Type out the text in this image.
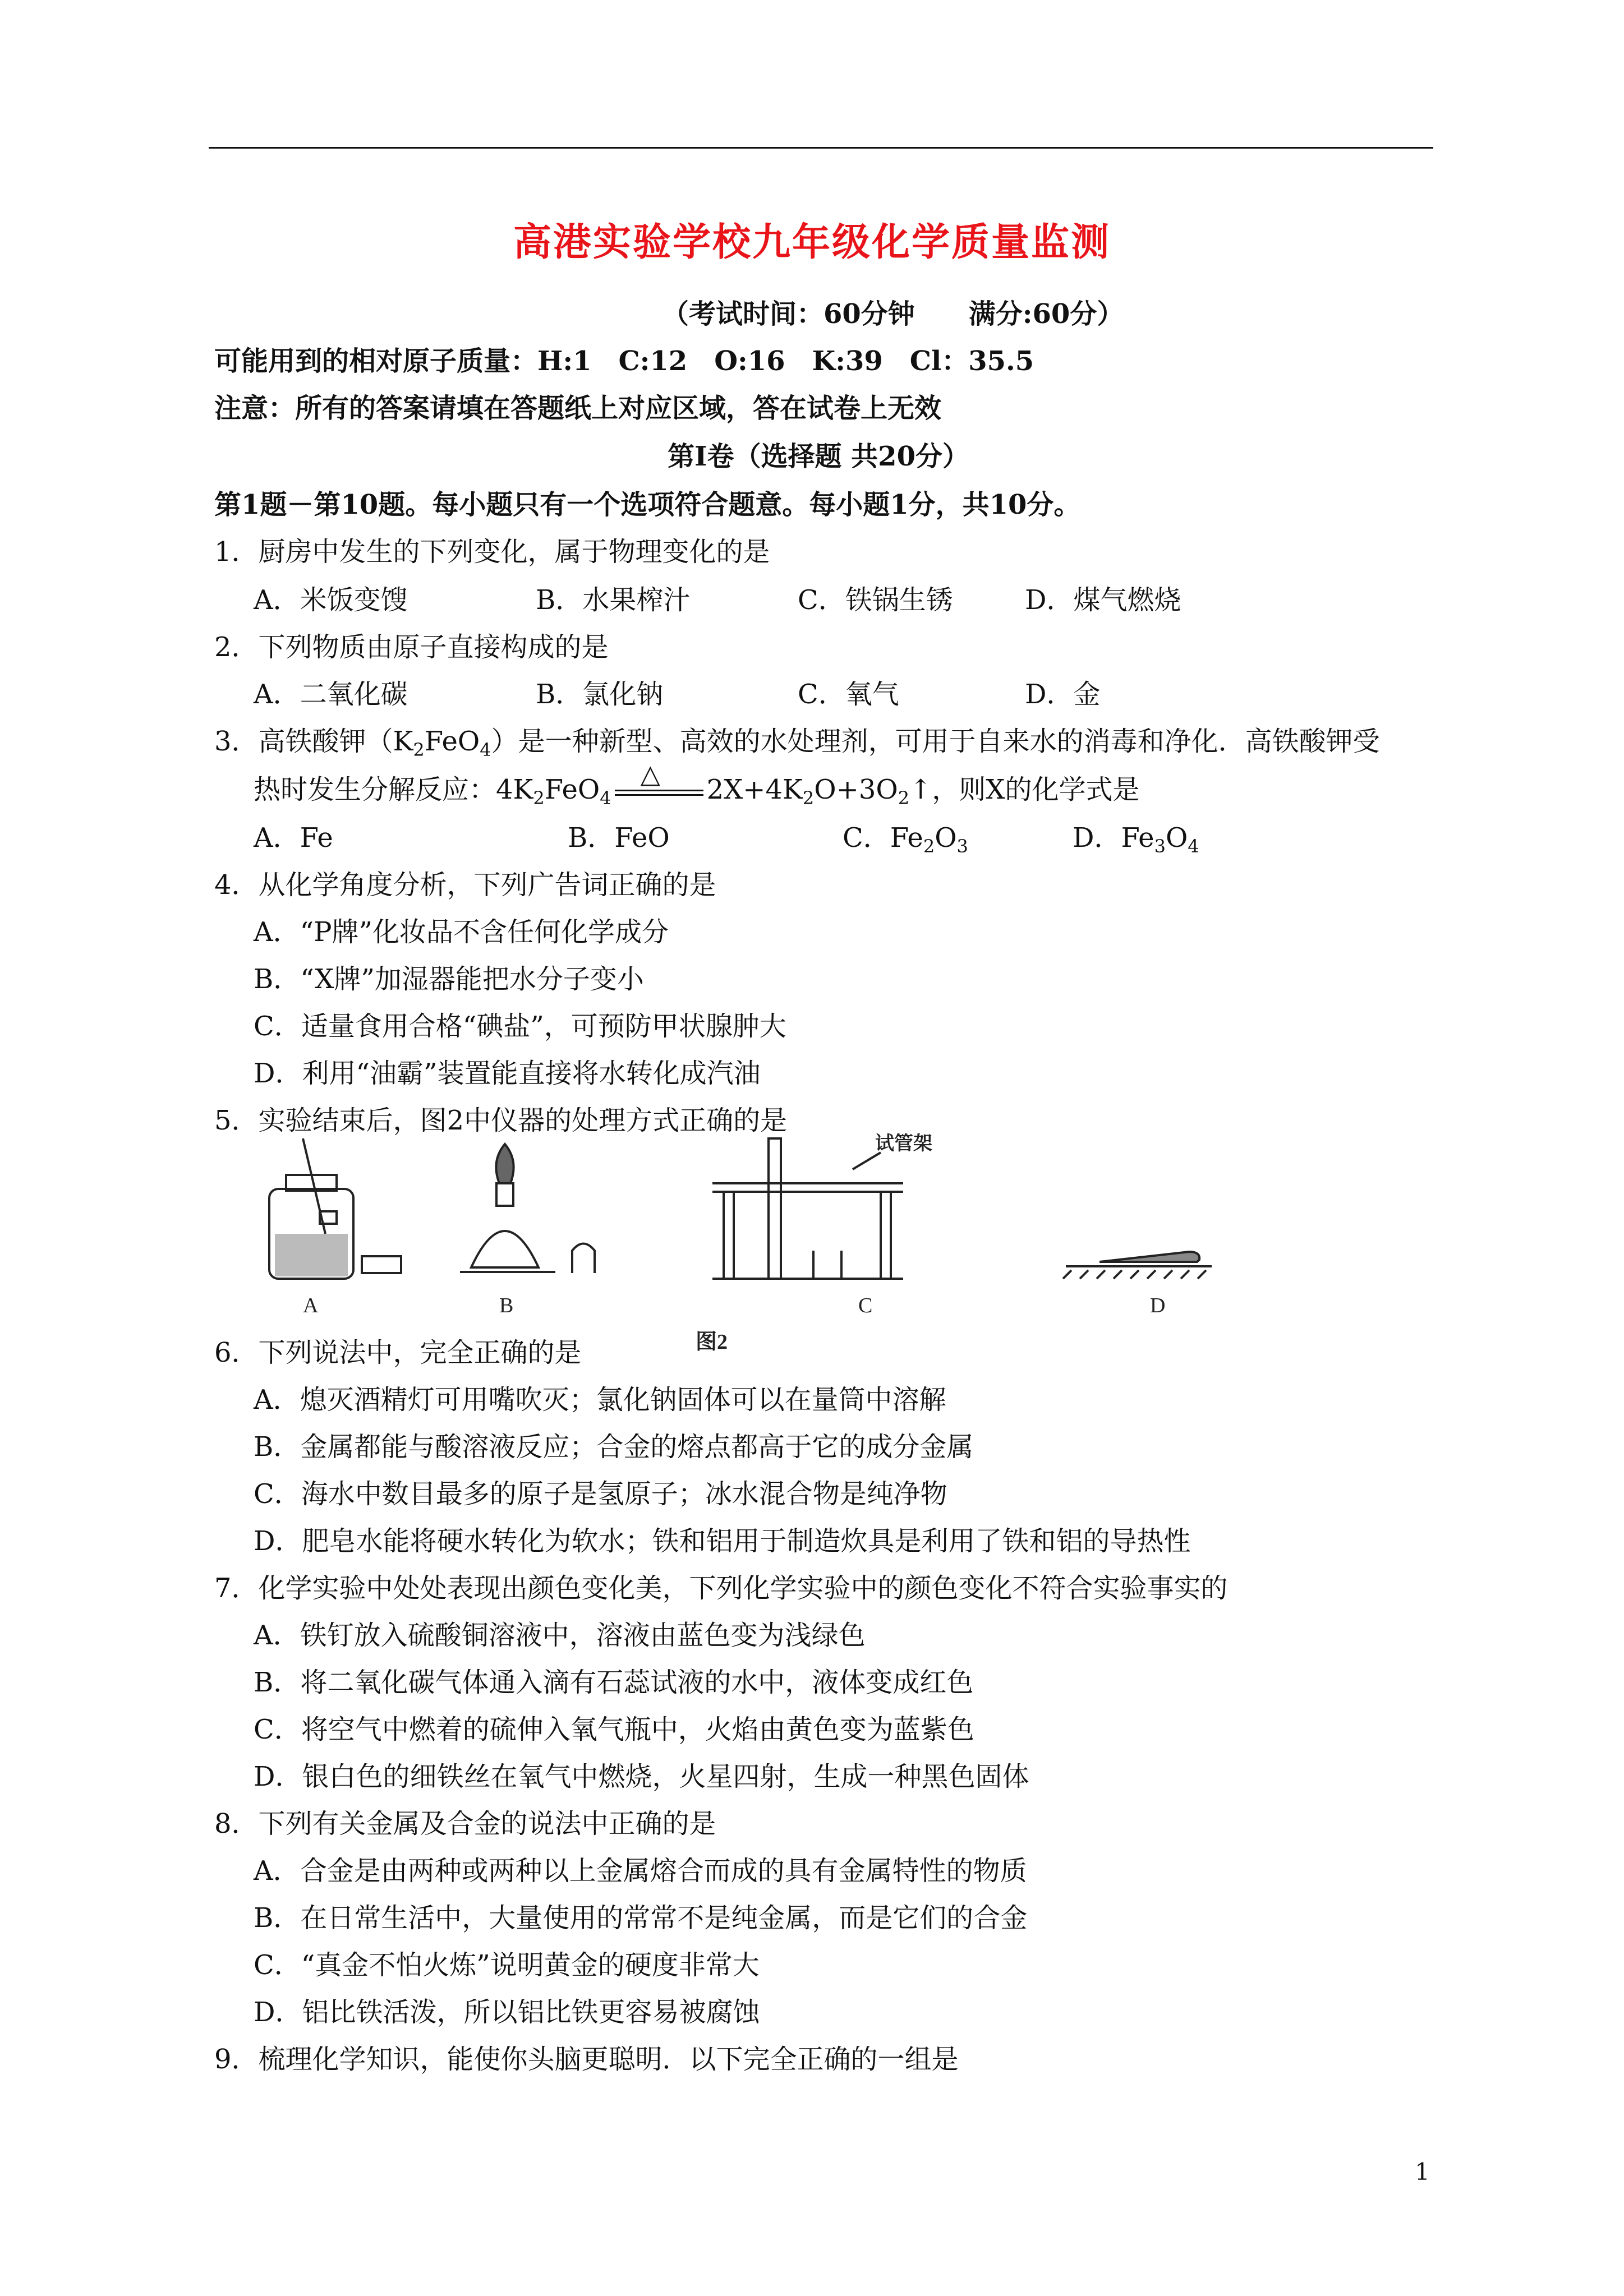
高港实验学校九年级化学质量监测
（考试时间：60分钟　　满分:60分）
可能用到的相对原子质量：H:1　C:12　O:16　K:39　Cl：35.5
注意：所有的答案请填在答题纸上对应区域，答在试卷上无效
第Ⅰ卷（选择题 共20分）
第1题－第10题。每小题只有一个选项符合题意。每小题1分，共10分。
1．厨房中发生的下列变化，属于物理变化的是
A．米饭变馊	B．水果榨汁	C．铁锅生锈	D．煤气燃烧
2．下列物质由原子直接构成的是
A．二氧化碳	B．氯化钠	C．氧气	D．金
3．高铁酸钾$(K_2FeO_4)$是一种新型、高效的水处理剂，可用于自来水的消毒和净化．高铁酸钾受
热时发生分解反应：$4K_2FeO_4$
△ $2X+4K_2O+3O_2↑$，则X的化学式是
A．Fe	B．FeO	C．$Fe_2O_3$	D．$Fe_3O_4$
4．从化学角度分析，下列广告词正确的是
A．“P牌”化妆品不含任何化学成分
B．“X牌”加湿器能把水分子变小
C．适量食用合格“碘盐”，可预防甲状腺肿大
D．利用“油霸”装置能直接将水转化成汽油
5．实验结束后，图2中仪器的处理方式正确的是
A	B	C	D
图2
试管架
6．下列说法中，完全正确的是
A．熄灭酒精灯可用嘴吹灭；氯化钠固体可以在量筒中溶解
B．金属都能与酸溶液反应；合金的熔点都高于它的成分金属
C．海水中数目最多的原子是氢原子；冰水混合物是纯净物
D．肥皂水能将硬水转化为软水；铁和铝用于制造炊具是利用了铁和铝的导热性
7．化学实验中处处表现出颜色变化美，下列化学实验中的颜色变化不符合实验事实的
A．铁钉放入硫酸铜溶液中，溶液由蓝色变为浅绿色
B．将二氧化碳气体通入滴有石蕊试液的水中，液体变成红色
C．将空气中燃着的硫伸入氧气瓶中，火焰由黄色变为蓝紫色
D．银白色的细铁丝在氧气中燃烧，火星四射，生成一种黑色固体
8．下列有关金属及合金的说法中正确的是
A．合金是由两种或两种以上金属熔合而成的具有金属特性的物质
B．在日常生活中，大量使用的常常不是纯金属，而是它们的合金
C．“真金不怕火炼”说明黄金的硬度非常大
D．铝比铁活泼，所以铝比铁更容易被腐蚀
9．梳理化学知识，能使你头脑更聪明．以下完全正确的一组是
1
